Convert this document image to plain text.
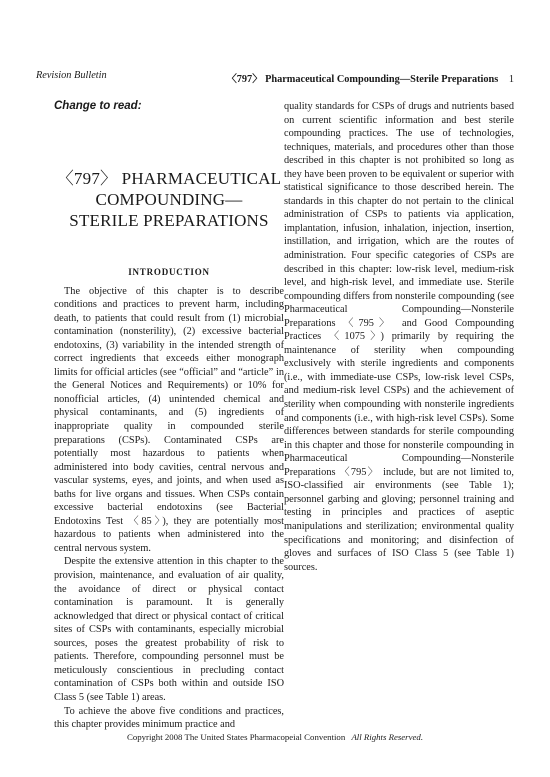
Revision Bulletin	〈797〉 Pharmaceutical Compounding—Sterile Preparations 1

Change to read:

〈797〉 PHARMACEUTICAL
COMPOUNDING—
STERILE PREPARATIONS
INTRODUCTION

The objective of this chapter is to describe conditions and practices to prevent harm, including death, to patients that could result from (1) microbial contamination (nonsterility), (2) excessive bacterial endotoxins, (3) variability in the intended strength of correct ingredients that exceeds either monograph limits for official articles (see “official” and “article” in the General Notices and Requirements) or 10% for nonofficial articles, (4) unintended chemical and physical contaminants, and (5) ingredients of inappropriate quality in compounded sterile preparations (CSPs). Contaminated CSPs are potentially most hazardous to patients when administered into body cavities, central nervous and vascular systems, eyes, and joints, and when used as baths for live organs and tissues. When CSPs contain excessive bacterial endotoxins (see Bacterial Endotoxins Test 〈85〉), they are potentially most hazardous to patients when administered into the central nervous system.

Despite the extensive attention in this chapter to the provision, maintenance, and evaluation of air quality, the avoidance of direct or physical contact contamination is paramount. It is generally acknowledged that direct or physical contact of critical sites of CSPs with contaminants, especially microbial sources, poses the greatest probability of risk to patients. Therefore, compounding personnel must be meticulously conscientious in precluding contact contamination of CSPs both within and outside ISO Class 5 (see Table 1) areas.

To achieve the above five conditions and practices, this chapter provides minimum practice and

quality standards for CSPs of drugs and nutrients based on current scientific information and best sterile compounding practices. The use of technologies, techniques, materials, and procedures other than those described in this chapter is not prohibited so long as they have been proven to be equivalent or superior with statistical significance to those described herein. The standards in this chapter do not pertain to the clinical administration of CSPs to patients via application, implantation, infusion, inhalation, injection, insertion, instillation, and irrigation, which are the routes of administration. Four specific categories of CSPs are described in this chapter: low-risk level, medium-risk level, and high-risk level, and immediate use. Sterile compounding differs from nonsterile compounding (see Pharmaceutical Compounding—Nonsterile Preparations 〈795〉 and Good Compounding Practices 〈1075〉) primarily by requiring the maintenance of sterility when compounding exclusively with sterile ingredients and components (i.e., with immediate-use CSPs, low-risk level CSPs, and medium-risk level CSPs) and the achievement of sterility when compounding with nonsterile ingredients and components (i.e., with high-risk level CSPs). Some differences between standards for sterile compounding in this chapter and those for nonsterile compounding in Pharmaceutical Compounding—Nonsterile Preparations 〈795〉 include, but are not limited to, ISO-classified air environments (see Table 1); personnel garbing and gloving; personnel training and testing in principles and practices of aseptic manipulations and sterilization; environmental quality specifications and monitoring; and disinfection of gloves and surfaces of ISO Class 5 (see Table 1) sources.

Copyright 2008 The United States Pharmacopeial Convention All Rights Reserved.
